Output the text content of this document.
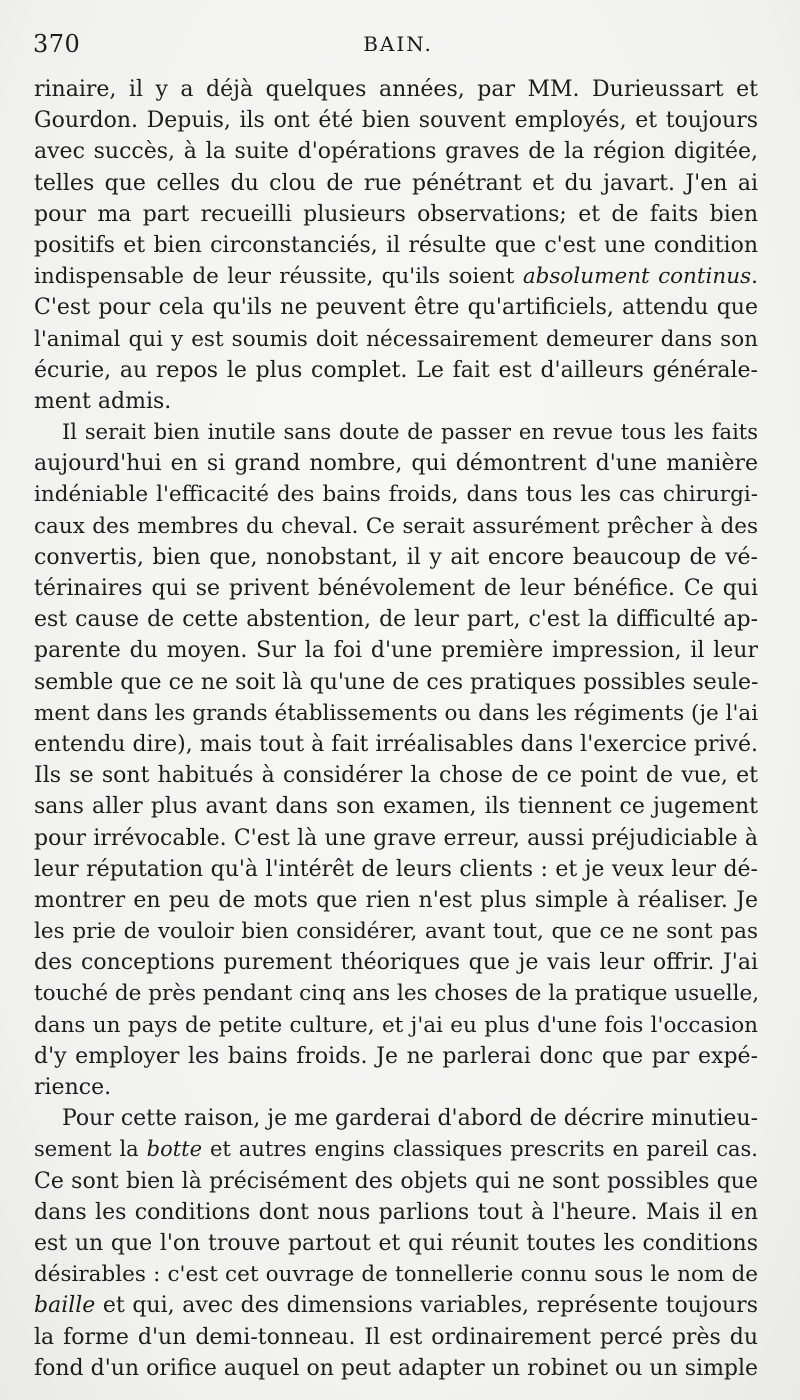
370	BAIN.
rinaire, il y a déjà quelques années, par MM. Durieussart et
Gourdon. Depuis, ils ont été bien souvent employés, et toujours
avec succès, à la suite d'opérations graves de la région digitée,
telles que celles du clou de rue pénétrant et du javart. J'en ai
pour ma part recueilli plusieurs observations; et de faits bien
positifs et bien circonstanciés, il résulte que c'est une condition
indispensable de leur réussite, qu'ils soient absolument continus.
C'est pour cela qu'ils ne peuvent être qu'artificiels, attendu que
l'animal qui y est soumis doit nécessairement demeurer dans son
écurie, au repos le plus complet. Le fait est d'ailleurs générale-
ment admis.
Il serait bien inutile sans doute de passer en revue tous les faits
aujourd'hui en si grand nombre, qui démontrent d'une manière
indéniable l'efficacité des bains froids, dans tous les cas chirurgi-
caux des membres du cheval. Ce serait assurément prêcher à des
convertis, bien que, nonobstant, il y ait encore beaucoup de vé-
térinaires qui se privent bénévolement de leur bénéfice. Ce qui
est cause de cette abstention, de leur part, c'est la difficulté ap-
parente du moyen. Sur la foi d'une première impression, il leur
semble que ce ne soit là qu'une de ces pratiques possibles seule-
ment dans les grands établissements ou dans les régiments (je l'ai
entendu dire), mais tout à fait irréalisables dans l'exercice privé.
Ils se sont habitués à considérer la chose de ce point de vue, et
sans aller plus avant dans son examen, ils tiennent ce jugement
pour irrévocable. C'est là une grave erreur, aussi préjudiciable à
leur réputation qu'à l'intérêt de leurs clients : et je veux leur dé-
montrer en peu de mots que rien n'est plus simple à réaliser. Je
les prie de vouloir bien considérer, avant tout, que ce ne sont pas
des conceptions purement théoriques que je vais leur offrir. J'ai
touché de près pendant cinq ans les choses de la pratique usuelle,
dans un pays de petite culture, et j'ai eu plus d'une fois l'occasion
d'y employer les bains froids. Je ne parlerai donc que par expé-
rience.
Pour cette raison, je me garderai d'abord de décrire minutieu-
sement la botte et autres engins classiques prescrits en pareil cas.
Ce sont bien là précisément des objets qui ne sont possibles que
dans les conditions dont nous parlions tout à l'heure. Mais il en
est un que l'on trouve partout et qui réunit toutes les conditions
désirables : c'est cet ouvrage de tonnellerie connu sous le nom de
baille et qui, avec des dimensions variables, représente toujours
la forme d'un demi-tonneau. Il est ordinairement percé près du
fond d'un orifice auquel on peut adapter un robinet ou un simple
